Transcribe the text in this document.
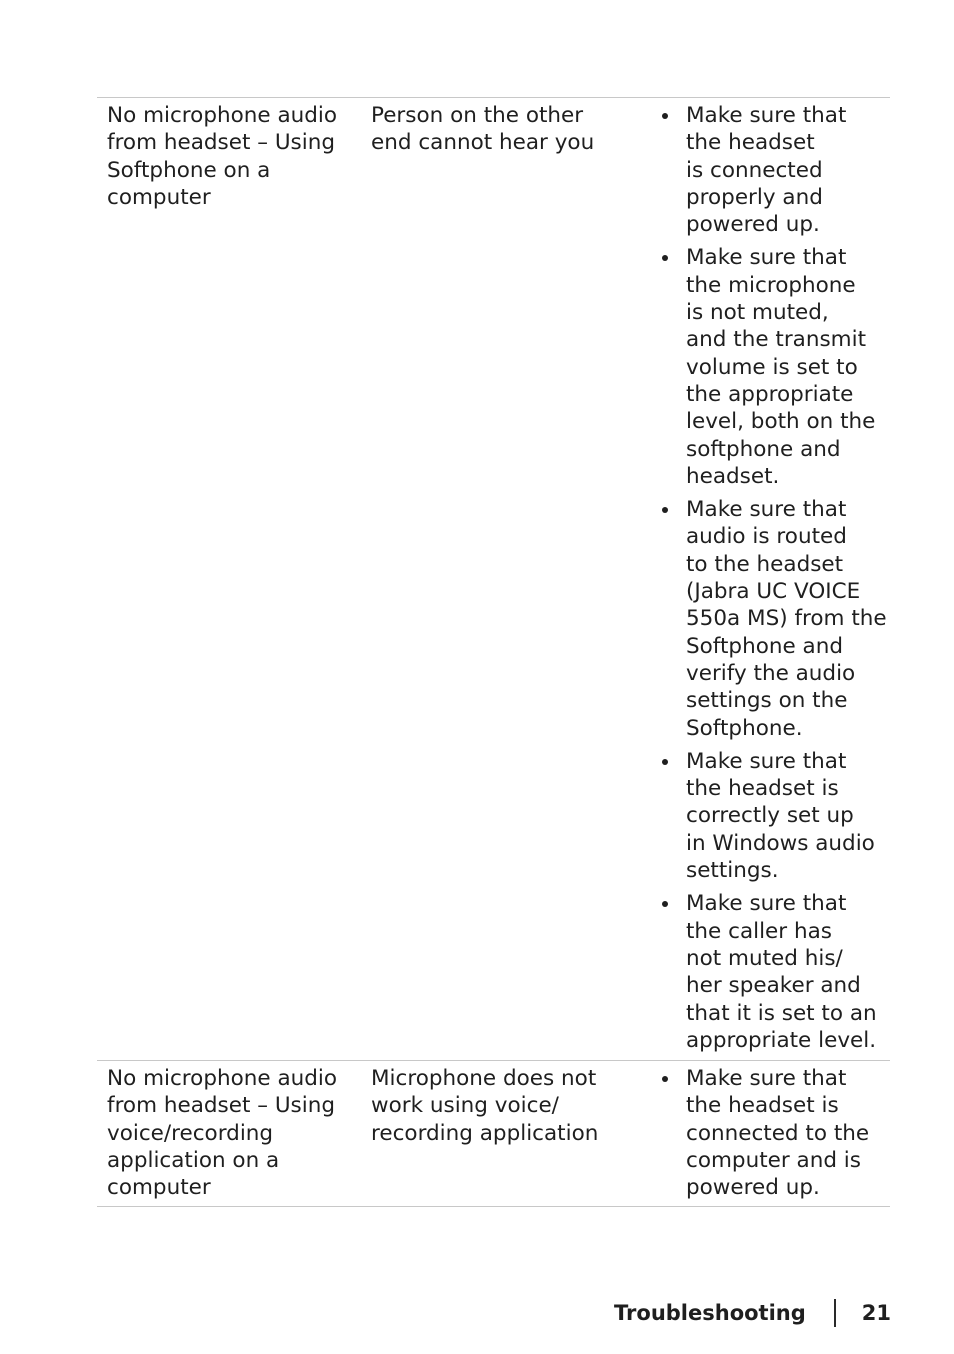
No microphone audio
from headset – Using
Softphone on a
computer
Person on the other
end cannot hear you
Make sure that
the headset
is connected
properly and
powered up.
Make sure that
the microphone
is not muted,
and the transmit
volume is set to
the appropriate
level, both on the
softphone and
headset.
Make sure that
audio is routed
to the headset
(Jabra UC VOICE
550a MS) from the
Softphone and
verify the audio
settings on the
Softphone.
Make sure that
the headset is
correctly set up
in Windows audio
settings.
Make sure that
the caller has
not muted his/
her speaker and
that it is set to an
appropriate level.
No microphone audio
from headset – Using
voice/recording
application on a
computer
Microphone does not
work using voice/
recording application
Make sure that
the headset is
connected to the
computer and is
powered up.
Troubleshooting	21
